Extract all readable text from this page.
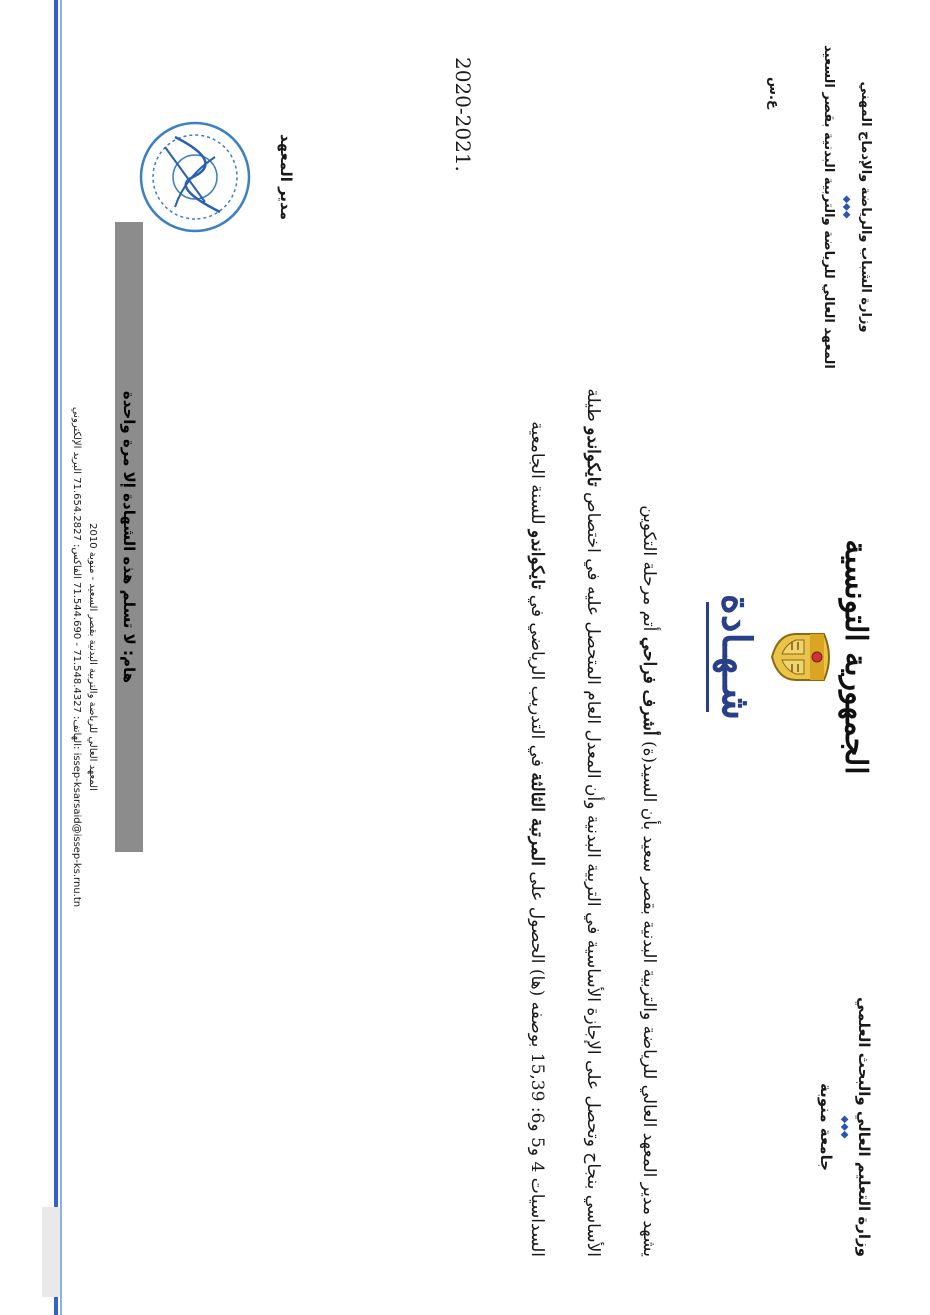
وزارة التعليم العالي والبحث العلمي
◆◆◆
جامعة منوبة
وزارة الشباب والرياضة والإدماج المهني
◆◆◆
المعهد العالي للرياضة والتربية البدنية بقصر السعيد
ع.س
الجمهورية التونسية
شـهـادة

يشهد مدير المعهد العالي للرياضة والتربية البدنية بقصر سعيد بأن السيد(ة) أشرف فراحي أتم مرحلة التكوين

الأساسي بنجاح وتحصل على الإجازة الأساسية في التربية البدنية وأن المعدل العام المتحصل عليه في اختصاص تايكواندو طيلة

السداسيات 4 و5 و6: 15,39 بوصفه (ها) الحصول على المرتبة الثالثة في التدريب الرياضي في تايكواندو للسنة الجامعية

2020-2021.
مدير المعهد
هام: لا تسلم هذه الشهادة إلا مرة واحدة
المعهد العالي للرياضة والتربية البدنية بقصر السعيد - منوبة 2010
الهاتف: 71.548.4327 - 71.544.690 الفاكس: 71.654.2827 البريد الإلكتروني: issep-ksarsaid@issep-ks.rnu.tn
